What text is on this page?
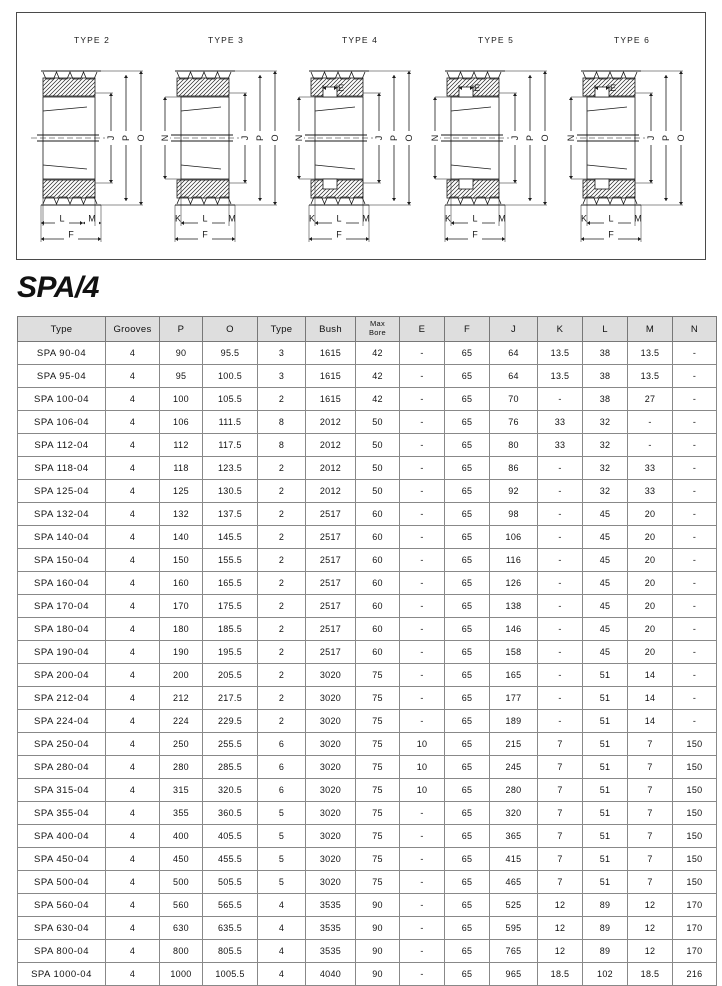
TYPE 2
J P O
L	M
F
TYPE 3
J P O
N
K L M
F
TYPE 4
E
J P O
N
K L M
F
TYPE 5
E
J P O
N
K L M
F
TYPE 6
E
J P O
N
K L M
F
SPA/4
Type	Grooves	P	O	Type	Bush	Max
Bore	E	F	J	K	L	M	N
SPA 90-04	4	90	95.5	3	1615	42	-	65	64	13.5	38	13.5	-
SPA 95-04	4	95	100.5	3	1615	42	-	65	64	13.5	38	13.5	-
SPA 100-04	4	100	105.5	2	1615	42	-	65	70	-	38	27	-
SPA 106-04	4	106	111.5	8	2012	50	-	65	76	33	32	-	-
SPA 112-04	4	112	117.5	8	2012	50	-	65	80	33	32	-	-
SPA 118-04	4	118	123.5	2	2012	50	-	65	86	-	32	33	-
SPA 125-04	4	125	130.5	2	2012	50	-	65	92	-	32	33	-
SPA 132-04	4	132	137.5	2	2517	60	-	65	98	-	45	20	-
SPA 140-04	4	140	145.5	2	2517	60	-	65	106	-	45	20	-
SPA 150-04	4	150	155.5	2	2517	60	-	65	116	-	45	20	-
SPA 160-04	4	160	165.5	2	2517	60	-	65	126	-	45	20	-
SPA 170-04	4	170	175.5	2	2517	60	-	65	138	-	45	20	-
SPA 180-04	4	180	185.5	2	2517	60	-	65	146	-	45	20	-
SPA 190-04	4	190	195.5	2	2517	60	-	65	158	-	45	20	-
SPA 200-04	4	200	205.5	2	3020	75	-	65	165	-	51	14	-
SPA 212-04	4	212	217.5	2	3020	75	-	65	177	-	51	14	-
SPA 224-04	4	224	229.5	2	3020	75	-	65	189	-	51	14	-
SPA 250-04	4	250	255.5	6	3020	75	10	65	215	7	51	7	150
SPA 280-04	4	280	285.5	6	3020	75	10	65	245	7	51	7	150
SPA 315-04	4	315	320.5	6	3020	75	10	65	280	7	51	7	150
SPA 355-04	4	355	360.5	5	3020	75	-	65	320	7	51	7	150
SPA 400-04	4	400	405.5	5	3020	75	-	65	365	7	51	7	150
SPA 450-04	4	450	455.5	5	3020	75	-	65	415	7	51	7	150
SPA 500-04	4	500	505.5	5	3020	75	-	65	465	7	51	7	150
SPA 560-04	4	560	565.5	4	3535	90	-	65	525	12	89	12	170
SPA 630-04	4	630	635.5	4	3535	90	-	65	595	12	89	12	170
SPA 800-04	4	800	805.5	4	3535	90	-	65	765	12	89	12	170
SPA 1000-04	4	1000	1005.5	4	4040	90	-	65	965	18.5	102	18.5	216
